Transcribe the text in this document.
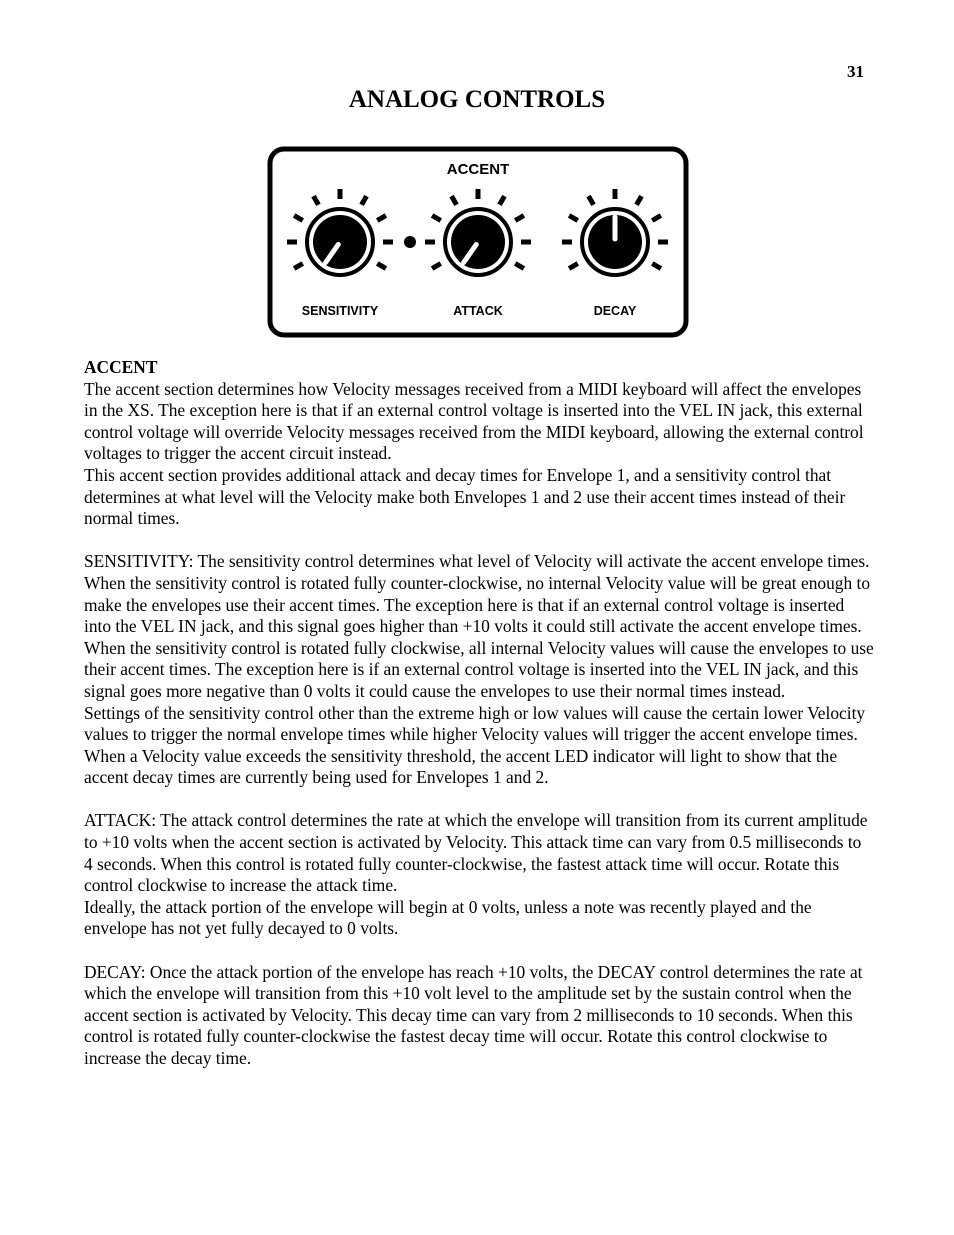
31
ANALOG CONTROLS
ACCENT
SENSITIVITY	ATTACK	DECAY

ACCENT

The accent section determines how Velocity messages received from a MIDI keyboard will affect the envelopes in the XS. The exception here is that if an external control voltage is inserted into the VEL IN jack, this external control voltage will override Velocity messages received from the MIDI keyboard, allowing the external control voltages to trigger the accent circuit instead.

This accent section provides additional attack and decay times for Envelope 1, and a sensitivity control that determines at what level will the Velocity make both Envelopes 1 and 2 use their accent times instead of their normal times.

SENSITIVITY: The sensitivity control determines what level of Velocity will activate the accent envelope times. When the sensitivity control is rotated fully counter-clockwise, no internal Velocity value will be great enough to make the envelopes use their accent times. The exception here is that if an external control voltage is inserted into the VEL IN jack, and this signal goes higher than +10 volts it could still activate the accent envelope times. When the sensitivity control is rotated fully clockwise, all internal Velocity values will cause the envelopes to use their accent times. The exception here is if an external control voltage is inserted into the VEL IN jack, and this signal goes more negative than 0 volts it could cause the envelopes to use their normal times instead.

Settings of the sensitivity control other than the extreme high or low values will cause the certain lower Velocity values to trigger the normal envelope times while higher Velocity values will trigger the accent envelope times.

When a Velocity value exceeds the sensitivity threshold, the accent LED indicator will light to show that the accent decay times are currently being used for Envelopes 1 and 2.

ATTACK: The attack control determines the rate at which the envelope will transition from its current amplitude to +10 volts when the accent section is activated by Velocity. This attack time can vary from 0.5 milliseconds to 4 seconds. When this control is rotated fully counter-clockwise, the fastest attack time will occur. Rotate this control clockwise to increase the attack time.

Ideally, the attack portion of the envelope will begin at 0 volts, unless a note was recently played and the envelope has not yet fully decayed to 0 volts.

DECAY: Once the attack portion of the envelope has reach +10 volts, the DECAY control determines the rate at which the envelope will transition from this +10 volt level to the amplitude set by the sustain control when the accent section is activated by Velocity. This decay time can vary from 2 milliseconds to 10 seconds. When this control is rotated fully counter-clockwise the fastest decay time will occur. Rotate this control clockwise to increase the decay time.
